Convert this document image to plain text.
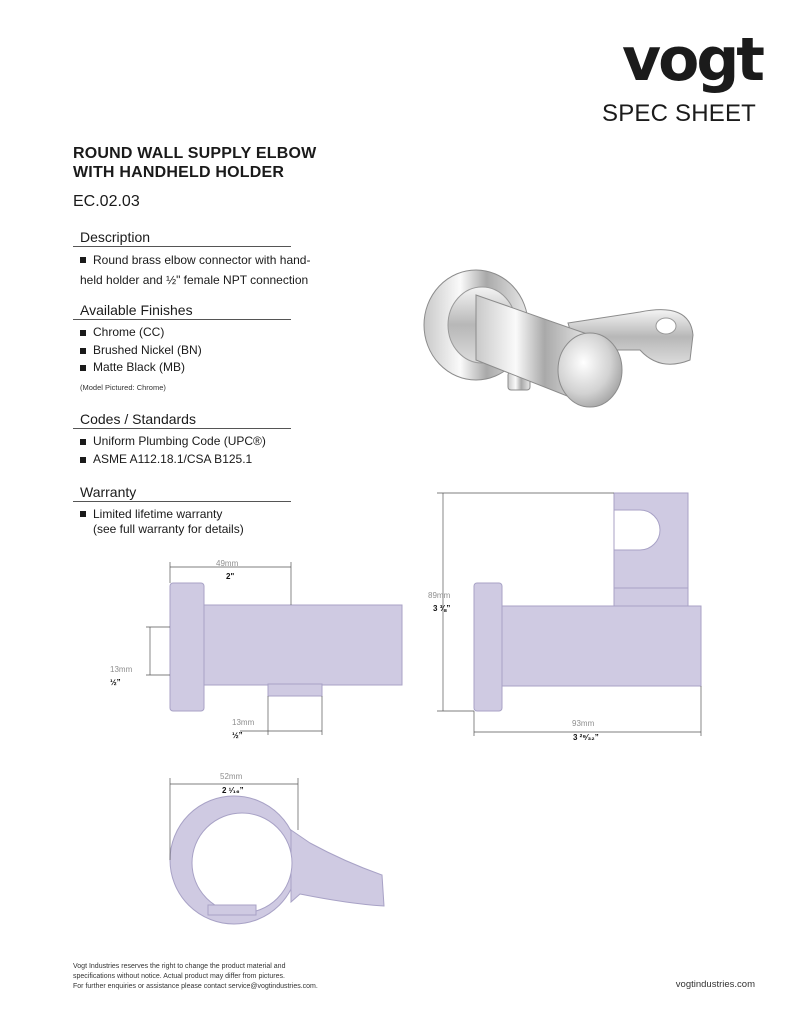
vogt
SPEC SHEET
ROUND WALL SUPPLY ELBOW
WITH HANDHELD HOLDER
EC.02.03
Description
Round brass elbow connector with hand-
held holder and ½" female NPT connection
Available Finishes
Chrome (CC)
Brushed Nickel (BN)
Matte Black (MB)
(Model Pictured: Chrome)
Codes / Standards
Uniform Plumbing Code (UPC®)
ASME A112.18.1/CSA B125.1
Warranty
Limited lifetime warranty
(see full warranty for details)
49mm
2"
13mm
½”
13mm
½”
89mm
3 ⅜”
93mm
3 ²⁹⁄₃₂”
52mm
2 ¹⁄₁₆”
Vogt Industries reserves the right to change the product material and
specifications without notice. Actual product may differ from pictures.
For further enquiries or assistance please contact service@vogtindustries.com.	vogtindustries.com
